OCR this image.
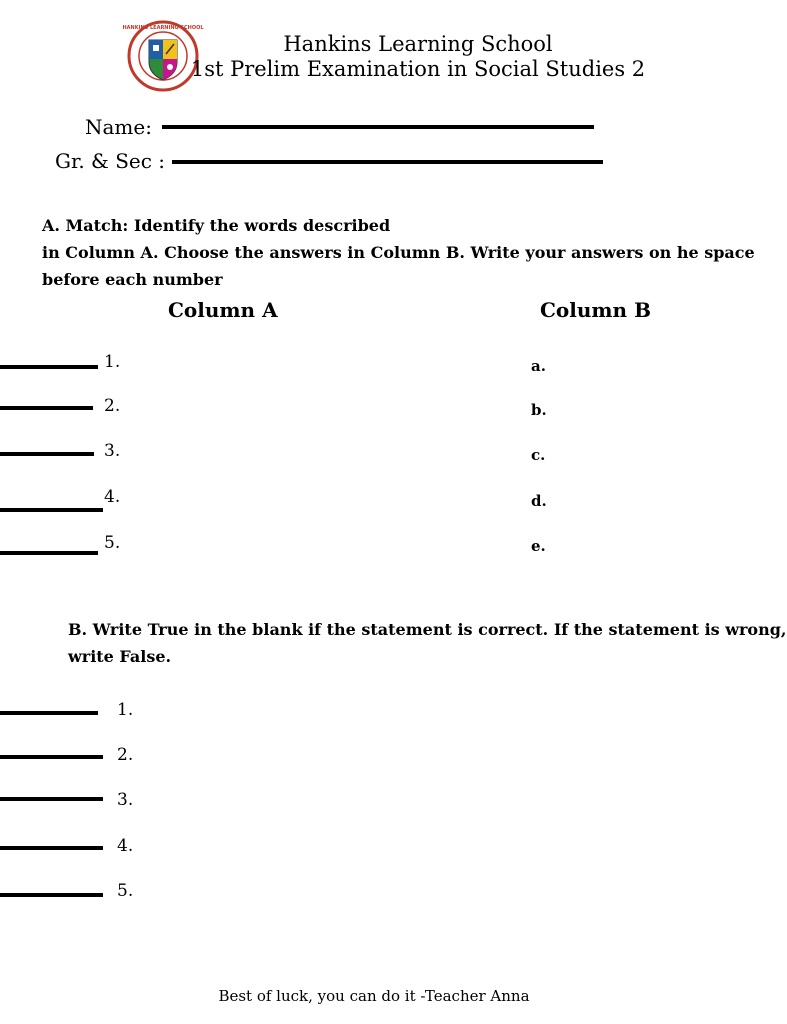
HANKINS LEARNING SCHOOL
Hankins Learning School
1st Prelim Examination in Social Studies 2
Name:
Gr. & Sec :
A. Match: Identify the words described
in Column A. Choose the answers in Column B. Write your answers on he space
before each number
Column A	Column B
1.
2.
3.
4.
5.
a.
b.
c.
d.
e.
B. Write True in the blank if the statement is correct. If the statement is wrong,
write False.
1.
2.
3.
4.
5.
Best of luck, you can do it -Teacher Anna
